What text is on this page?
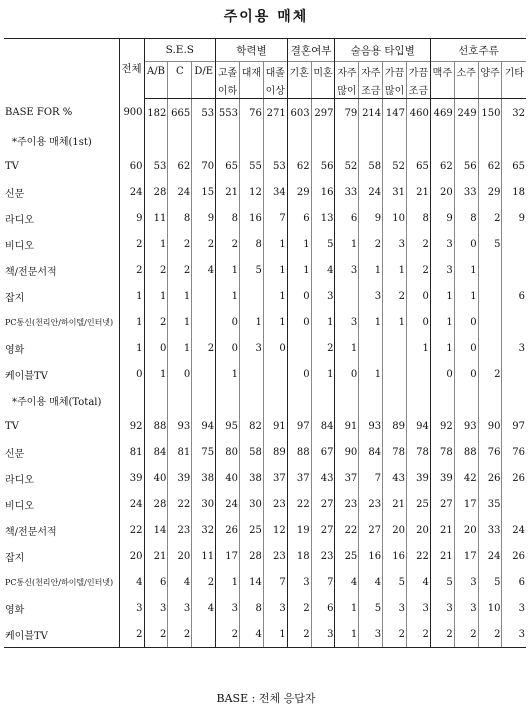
주이용 매체
	전체	S.E.S			학력별			결혼여부		술음용 타입별				선호주류			
		A/B	C	D/E	고졸	대재	대졸	기혼	미혼	자주	자주	가끔	가끔	맥주	소주	양주	기타
					이하		이상			많이	조금	많이	조금				
BASE FOR %	900	182	665	53	553	76	271	603	297	79	214	147	460	469	249	150	32
*주이용 매체(1st)																	
TV	60	53	62	70	65	55	53	62	56	52	58	52	65	62	56	62	65
신문	24	28	24	15	21	12	34	29	16	33	24	31	21	20	33	29	18
라디오	9	11	8	9	8	16	7	6	13	6	9	10	8	9	8	2	9
비디오	2	1	2	2	2	8	1	1	5	1	2	3	2	3	0	5	
책/전문서적	2	2	2	4	1	5	1	1	4	3	1	1	2	3	1		
잡지	1	1	1		1		1	0	3		3	2	0	1	1		6
PC통신(천리안/하이텔/인터넷)	1	2	1		0	1	1	0	1	3	1	1	0	1	0		
영화	1	0	1	2	0	3	0		2	1			1	1	0		3
케이블TV	0	1	0		1			0	1	0	1			0	0	2	
*주이용 매체(Total)																	
TV	92	88	93	94	95	82	91	97	84	91	93	89	94	92	93	90	97
신문	81	84	81	75	80	58	89	88	67	90	84	78	78	78	88	76	76
라디오	39	40	39	38	40	38	37	37	43	37	7	43	39	39	42	26	26
비디오	24	28	22	30	24	30	23	22	27	23	23	21	25	27	17	35	
책/전문서적	22	14	23	32	26	25	12	19	27	22	27	20	20	21	20	33	24
잡지	20	21	20	11	17	28	23	18	23	25	16	16	22	21	17	24	26
PC통신(천리안/하이텔/인터넷)	4	6	4	2	1	14	7	3	7	4	4	5	4	5	3	5	6
영화	3	3	3	4	3	8	3	2	6	1	5	3	3	3	3	10	3
케이블TV	2	2	2		2	4	1	2	3	1	3	2	2	2	2	2	3
BASE : 전체 응답자
